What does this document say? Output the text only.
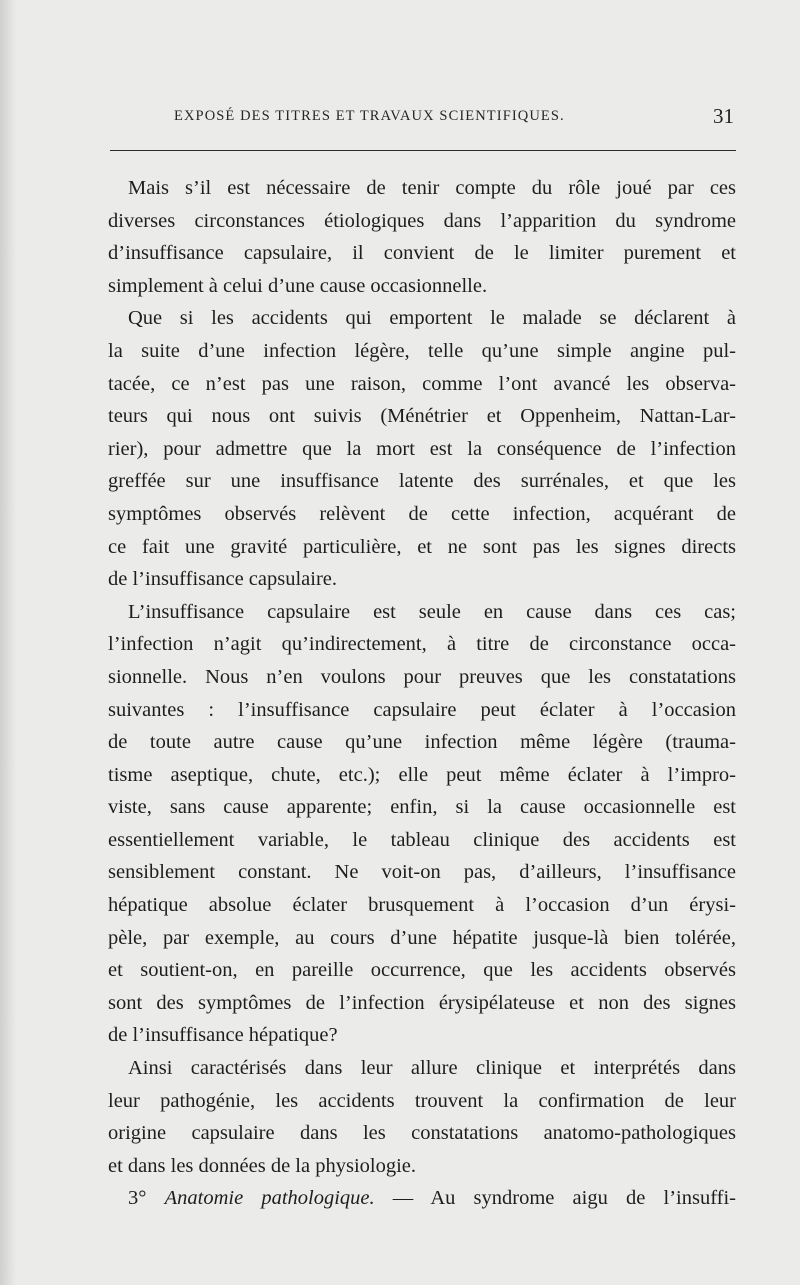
EXPOSÉ DES TITRES ET TRAVAUX SCIENTIFIQUES.	31
Mais s’il est nécessaire de tenir compte du rôle joué par ces
diverses circonstances étiologiques dans l’apparition du syndrome
d’insuffisance capsulaire, il convient de le limiter purement et
simplement à celui d’une cause occasionnelle.
Que si les accidents qui emportent le malade se déclarent à
la suite d’une infection légère, telle qu’une simple angine pul-
tacée, ce n’est pas une raison, comme l’ont avancé les observa-
teurs qui nous ont suivis (Ménétrier et Oppenheim, Nattan-Lar-
rier), pour admettre que la mort est la conséquence de l’infection
greffée sur une insuffisance latente des surrénales, et que les
symptômes observés relèvent de cette infection, acquérant de
ce fait une gravité particulière, et ne sont pas les signes directs
de l’insuffisance capsulaire.
L’insuffisance capsulaire est seule en cause dans ces cas;
l’infection n’agit qu’indirectement, à titre de circonstance occa-
sionnelle. Nous n’en voulons pour preuves que les constatations
suivantes : l’insuffisance capsulaire peut éclater à l’occasion
de toute autre cause qu’une infection même légère (trauma-
tisme aseptique, chute, etc.); elle peut même éclater à l’impro-
viste, sans cause apparente; enfin, si la cause occasionnelle est
essentiellement variable, le tableau clinique des accidents est
sensiblement constant. Ne voit-on pas, d’ailleurs, l’insuffisance
hépatique absolue éclater brusquement à l’occasion d’un érysi-
pèle, par exemple, au cours d’une hépatite jusque-là bien tolérée,
et soutient-on, en pareille occurrence, que les accidents observés
sont des symptômes de l’infection érysipélateuse et non des signes
de l’insuffisance hépatique?
Ainsi caractérisés dans leur allure clinique et interprétés dans
leur pathogénie, les accidents trouvent la confirmation de leur
origine capsulaire dans les constatations anatomo-pathologiques
et dans les données de la physiologie.
3° Anatomie pathologique. — Au syndrome aigu de l’insuffi-
